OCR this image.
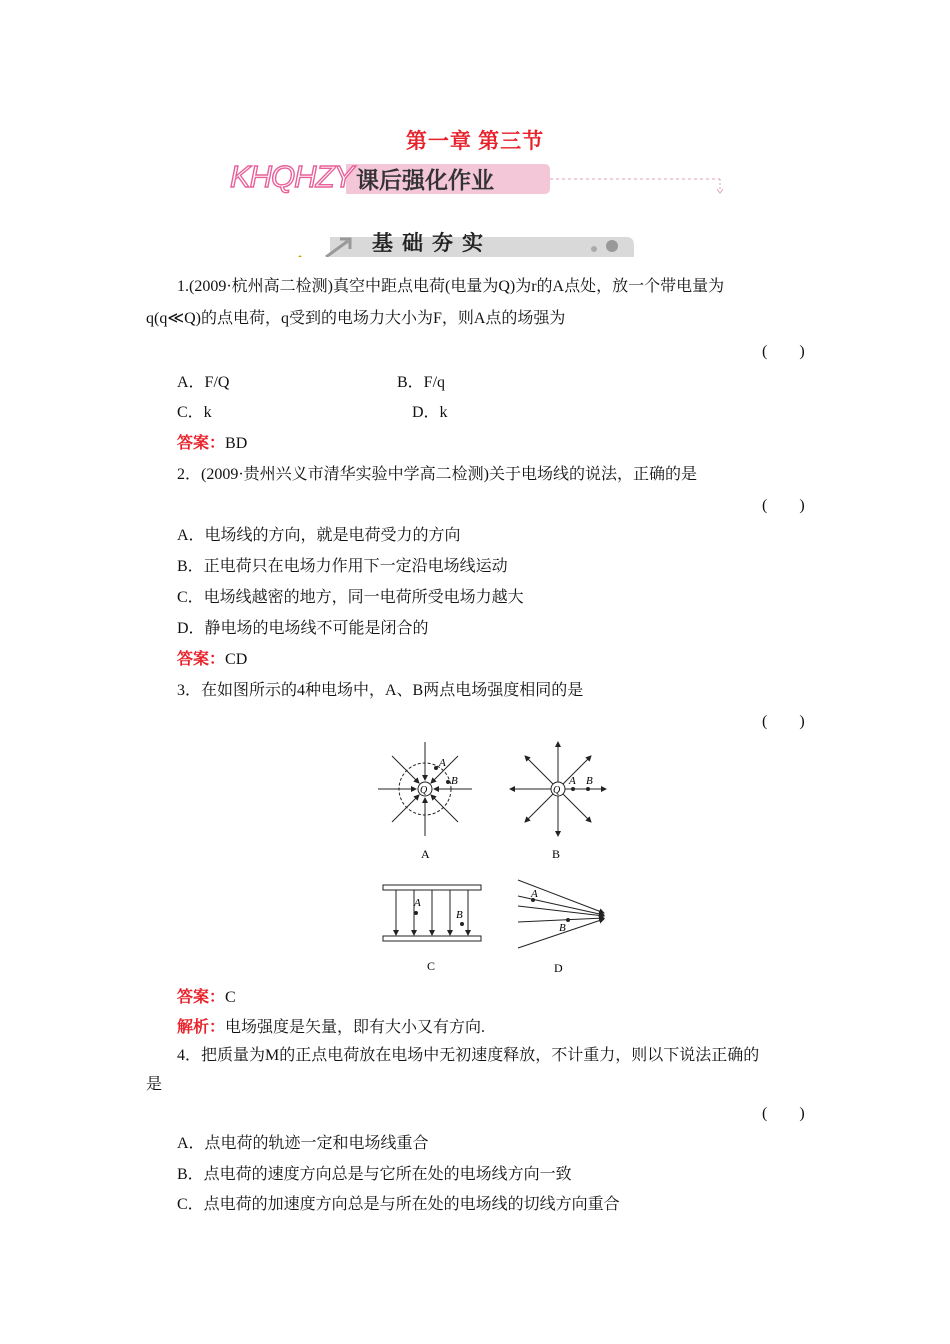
第一章 第三节
KHQHZY 课后强化作业
基础夯实
1.(2009·杭州高二检测)真空中距点电荷(电量为Q)为r的A点处，放一个带电量为
q(q≪Q)的点电荷，q受到的电场力大小为F，则A点的场强为
(　　)
A．F/Q	B．F/q
C．k	D．k
答案：BD
2．(2009·贵州兴义市清华实验中学高二检测)关于电场线的说法，正确的是
(　　)
A．电场线的方向，就是电荷受力的方向
B．正电荷只在电场力作用下一定沿电场线运动
C．电场线越密的地方，同一电荷所受电场力越大
D．静电场的电场线不可能是闭合的
答案：CD
3．在如图所示的4种电场中，A、B两点电场强度相同的是
(　　)
Q
A
B
A
Q
A B
B
A
B
C
A
B
D
答案：C
解析：电场强度是矢量，即有大小又有方向.
4．把质量为M的正点电荷放在电场中无初速度释放，不计重力，则以下说法正确的
是
(　　)
A．点电荷的轨迹一定和电场线重合
B．点电荷的速度方向总是与它所在处的电场线方向一致
C．点电荷的加速度方向总是与所在处的电场线的切线方向重合
